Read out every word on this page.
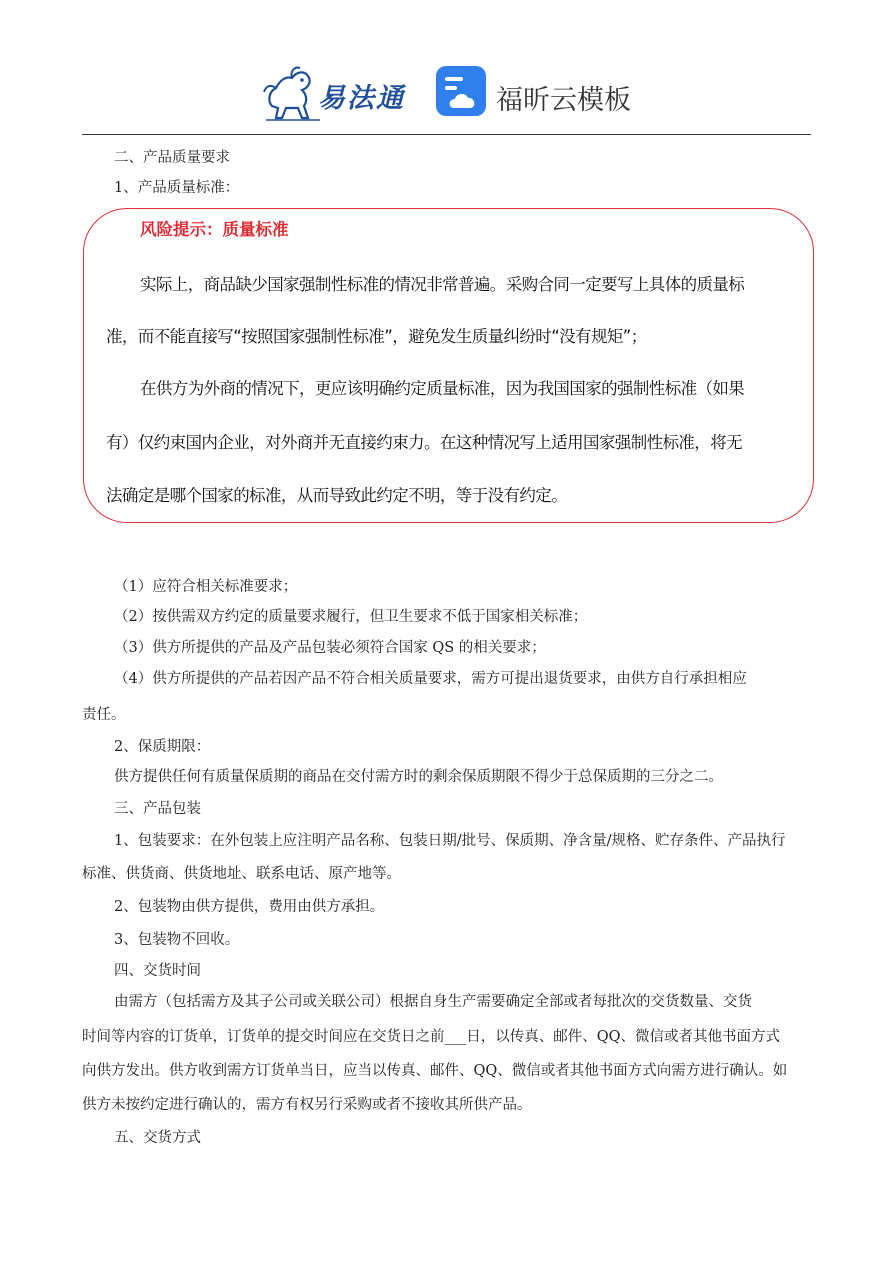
易法通	福昕云模板
二、产品质量要求
1、产品质量标准：
风险提示：质量标准
实际上，商品缺少国家强制性标准的情况非常普遍。采购合同一定要写上具体的质量标
准，而不能直接写“按照国家强制性标准”，避免发生质量纠纷时“没有规矩”；
在供方为外商的情况下，更应该明确约定质量标准，因为我国国家的强制性标准（如果
有）仅约束国内企业，对外商并无直接约束力。在这种情况写上适用国家强制性标准，将无
法确定是哪个国家的标准，从而导致此约定不明，等于没有约定。
（1）应符合相关标准要求；
（2）按供需双方约定的质量要求履行，但卫生要求不低于国家相关标准；
（3）供方所提供的产品及产品包装必须符合国家 QS 的相关要求；
（4）供方所提供的产品若因产品不符合相关质量要求，需方可提出退货要求，由供方自行承担相应
责任。
2、保质期限：
供方提供任何有质量保质期的商品在交付需方时的剩余保质期限不得少于总保质期的三分之二。
三、产品包装
1、包装要求：在外包装上应注明产品名称、包装日期/批号、保质期、净含量/规格、贮存条件、产品执行
标准、供货商、供货地址、联系电话、原产地等。
2、包装物由供方提供，费用由供方承担。
3、包装物不回收。
四、交货时间
由需方（包括需方及其子公司或关联公司）根据自身生产需要确定全部或者每批次的交货数量、交货
时间等内容的订货单，订货单的提交时间应在交货日之前___日，以传真、邮件、QQ、微信或者其他书面方式
向供方发出。供方收到需方订货单当日，应当以传真、邮件、QQ、微信或者其他书面方式向需方进行确认。如
供方未按约定进行确认的，需方有权另行采购或者不接收其所供产品。
五、交货方式
